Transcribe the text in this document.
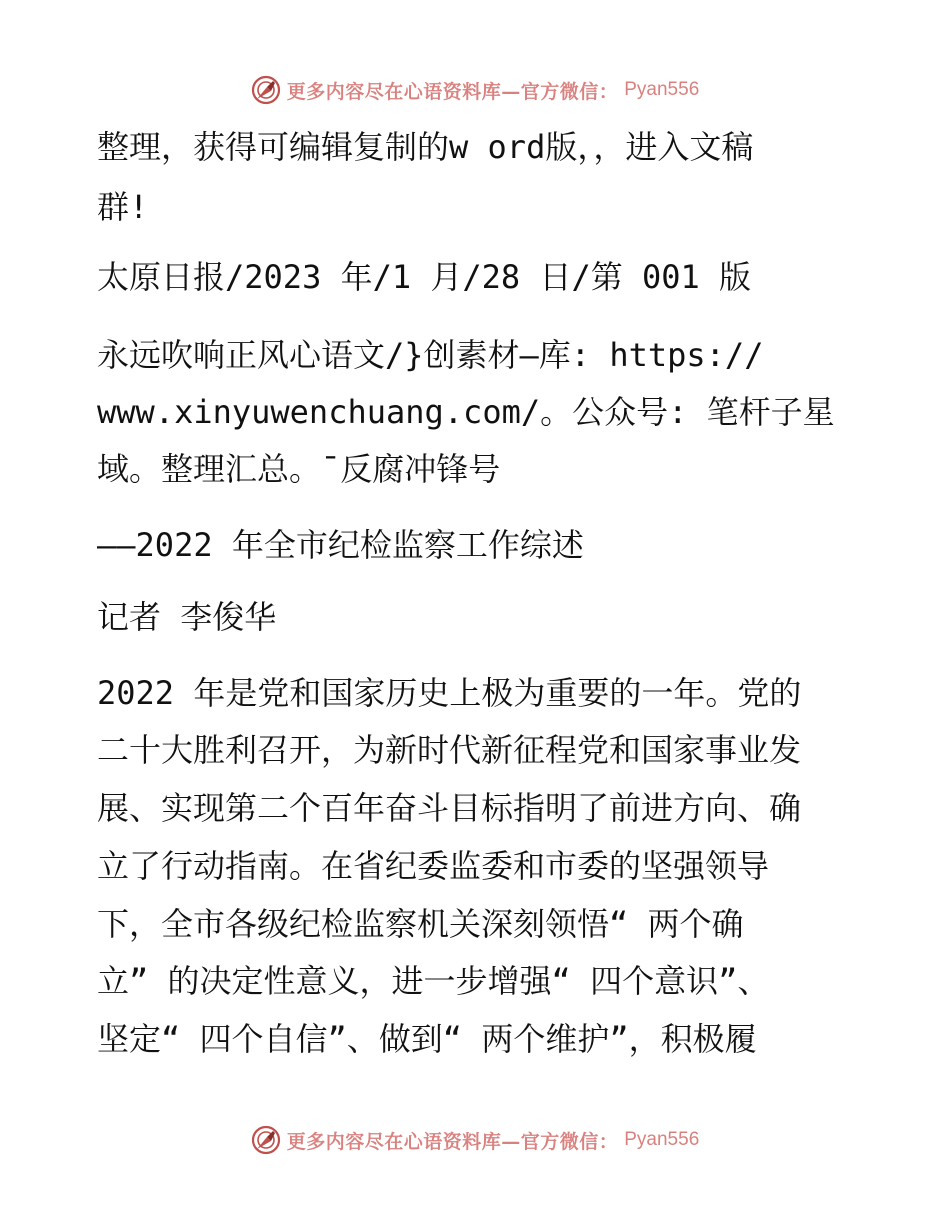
更多内容尽在心语资料库—官方微信： Pyan556
整理，获得可编辑复制的w ord版，，进入文稿
群!
太原日报/2023 年/1 月/28 日/第 001 版
永远吹响正风心语文/}创素材—库: https://
www.xinyuwenchuang.com/。公众号: 笔杆子星
域。整理汇总。¯反腐冲锋号
——2022 年全市纪检监察工作综述
记者 李俊华
2022 年是党和国家历史上极为重要的一年。党的
二十大胜利召开，为新时代新征程党和国家事业发
展、实现第二个百年奋斗目标指明了前进方向、确
立了行动指南。在省纪委监委和市委的坚强领导
下，全市各级纪检监察机关深刻领悟“ 两个确
立” 的决定性意义，进一步增强“ 四个意识”、
坚定“ 四个自信”、做到“ 两个维护”，积极履
更多内容尽在心语资料库—官方微信： Pyan556
